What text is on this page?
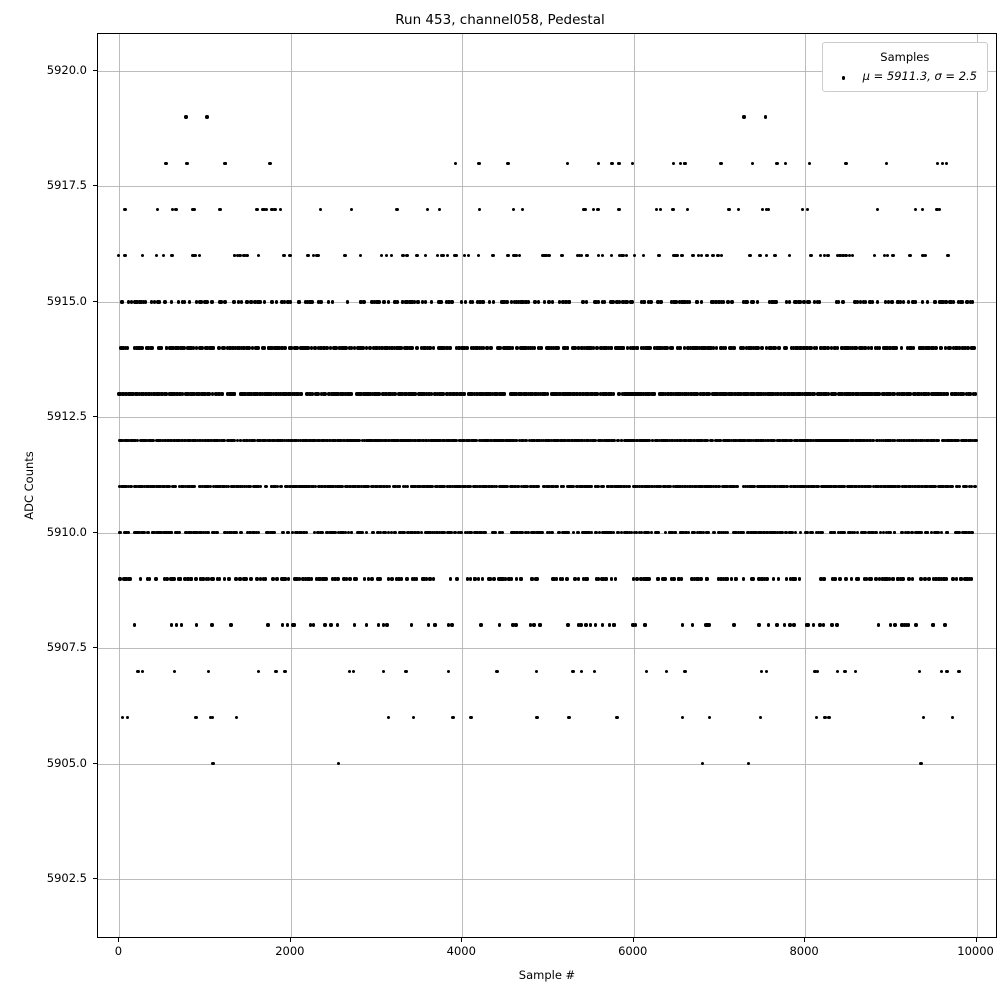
Run 453, channel058, Pedestal
Samples
μ = 5911.3, σ = 2.5
0	2000	4000	6000	8000	10000
5902.5
5905.0
5907.5
5910.0
5912.5
5915.0
5917.5
5920.0
Sample #
ADC Counts
